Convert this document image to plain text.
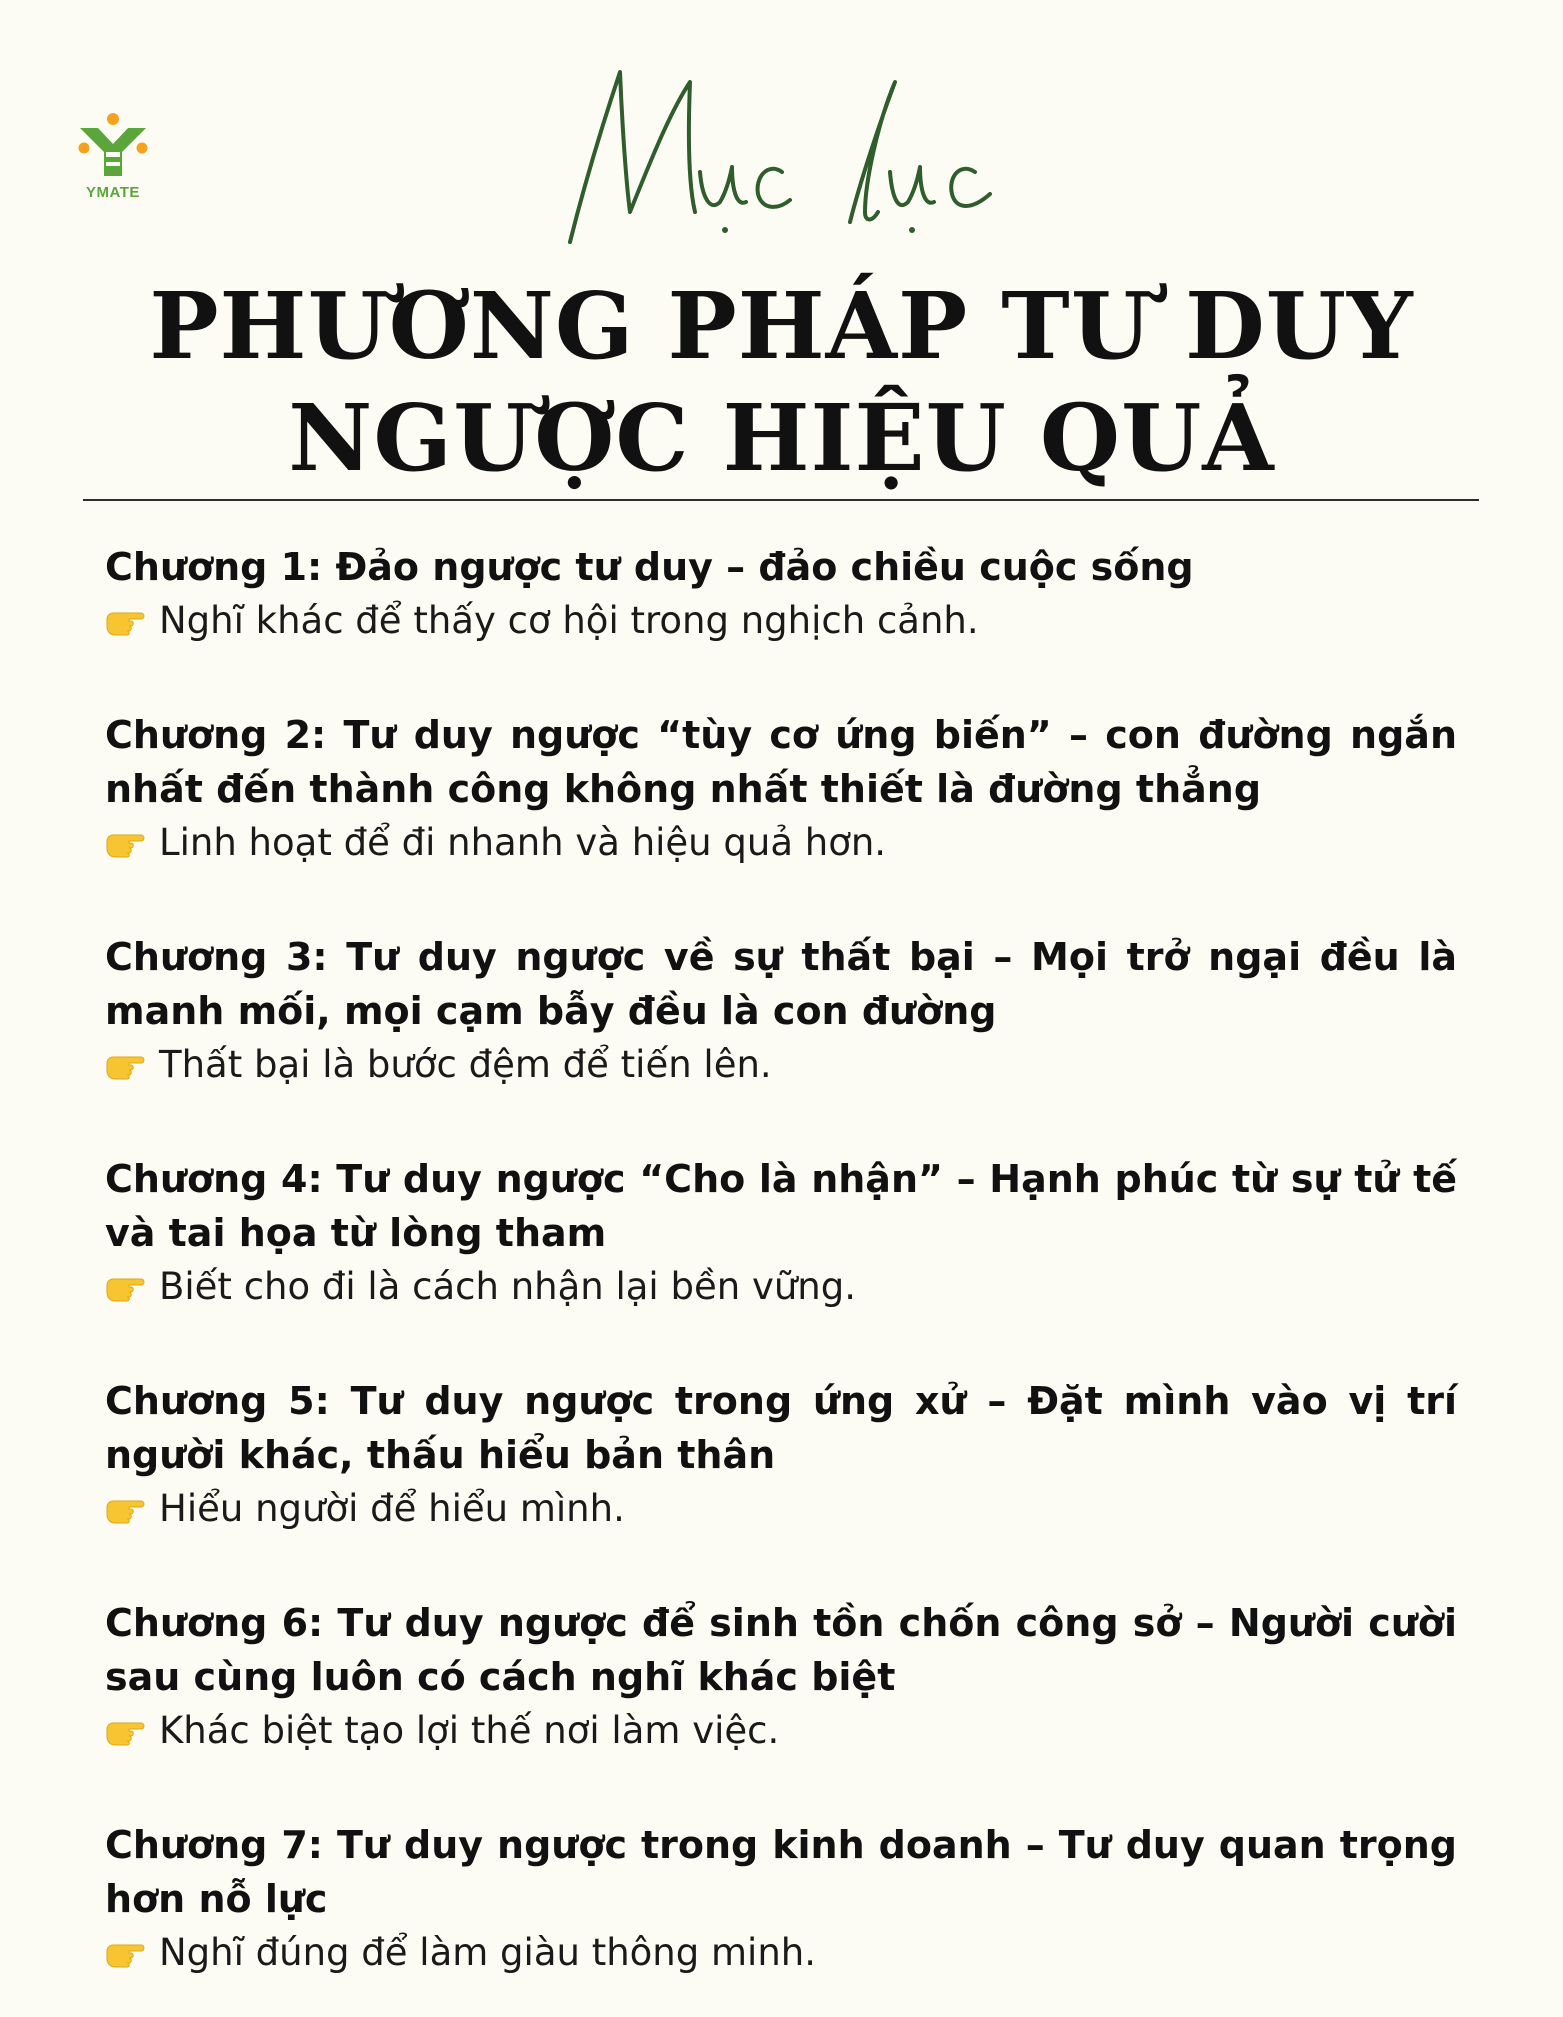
YMATE
PHƯƠNG PHÁP TƯ DUY
NGƯỢC HIỆU QUẢ
Chương 1: Đảo ngược tư duy – đảo chiều cuộc sống
Nghĩ khác để thấy cơ hội trong nghịch cảnh.
Chương 2: Tư duy ngược “tùy cơ ứng biến” – con đường ngắn nhất đến thành công không nhất thiết là đường thẳng
Linh hoạt để đi nhanh và hiệu quả hơn.
Chương 3: Tư duy ngược về sự thất bại – Mọi trở ngại đều là manh mối, mọi cạm bẫy đều là con đường
Thất bại là bước đệm để tiến lên.
Chương 4: Tư duy ngược “Cho là nhận” – Hạnh phúc từ sự tử tế và tai họa từ lòng tham
Biết cho đi là cách nhận lại bền vững.
Chương 5: Tư duy ngược trong ứng xử – Đặt mình vào vị trí người khác, thấu hiểu bản thân
Hiểu người để hiểu mình.
Chương 6: Tư duy ngược để sinh tồn chốn công sở – Người cười sau cùng luôn có cách nghĩ khác biệt
Khác biệt tạo lợi thế nơi làm việc.
Chương 7: Tư duy ngược trong kinh doanh – Tư duy quan trọng hơn nỗ lực
Nghĩ đúng để làm giàu thông minh.
